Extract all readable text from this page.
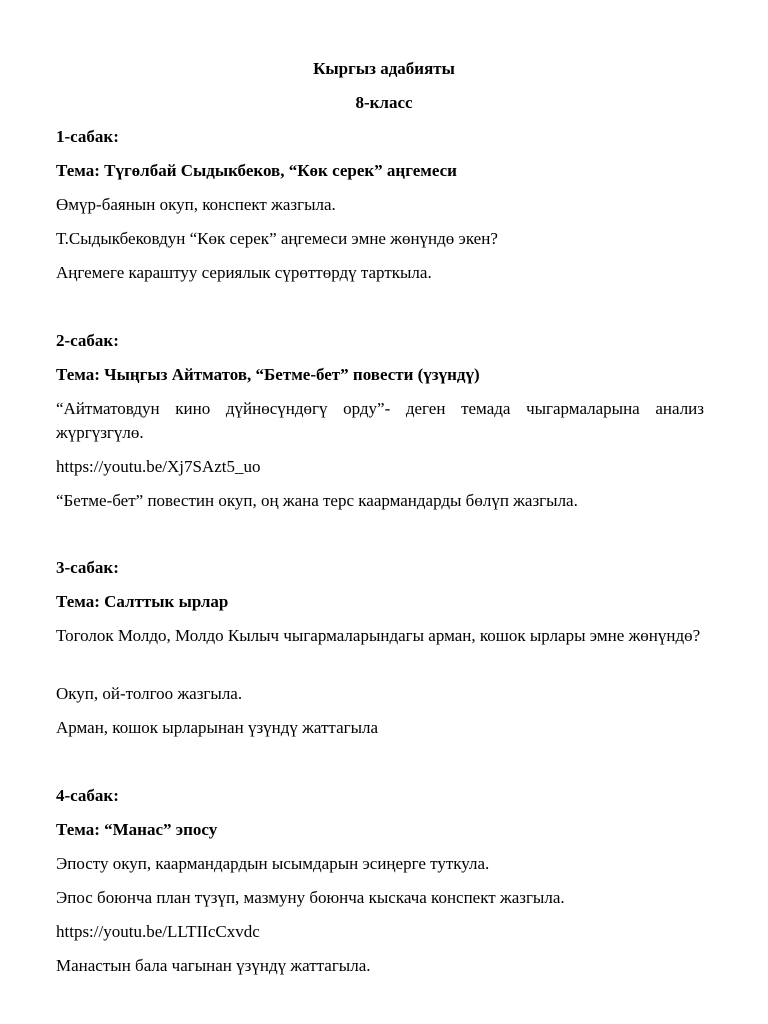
Кыргыз адабияты
8-класс
1-сабак:
Тема: Түгөлбай Сыдыкбеков, “Көк серек” аңгемеси
Өмүр-баянын окуп, конспект жазгыла.
Т.Сыдыкбековдун “Көк серек” аңгемеси эмне жөнүндө экен?
Аңгемеге караштуу сериялык сүрөттөрдү тарткыла.
2-сабак:
Тема: Чыңгыз Айтматов, “Бетме-бет” повести (үзүндү)
“Айтматовдун кино дүйнөсүндөгү орду”- деген темада чыгармаларына анализ жүргүзгүлө.
https://youtu.be/Xj7SAzt5_uo
“Бетме-бет” повестин окуп, оң жана терс каармандарды бөлүп жазгыла.
3-сабак:
Тема: Салттык ырлар
Тоголок Молдо, Молдо Кылыч чыгармаларындагы арман, кошок ырлары эмне жөнүндө?
Окуп, ой-толгоо жазгыла.
Арман, кошок ырларынан үзүндү жаттагыла
4-сабак:
Тема: “Манас” эпосу
Эпосту окуп, каармандардын ысымдарын эсиңерге туткула.
Эпос боюнча план түзүп, мазмуну боюнча кыскача конспект жазгыла.
https://youtu.be/LLTIIcCxvdc
Манастын бала чагынан үзүндү жаттагыла.
